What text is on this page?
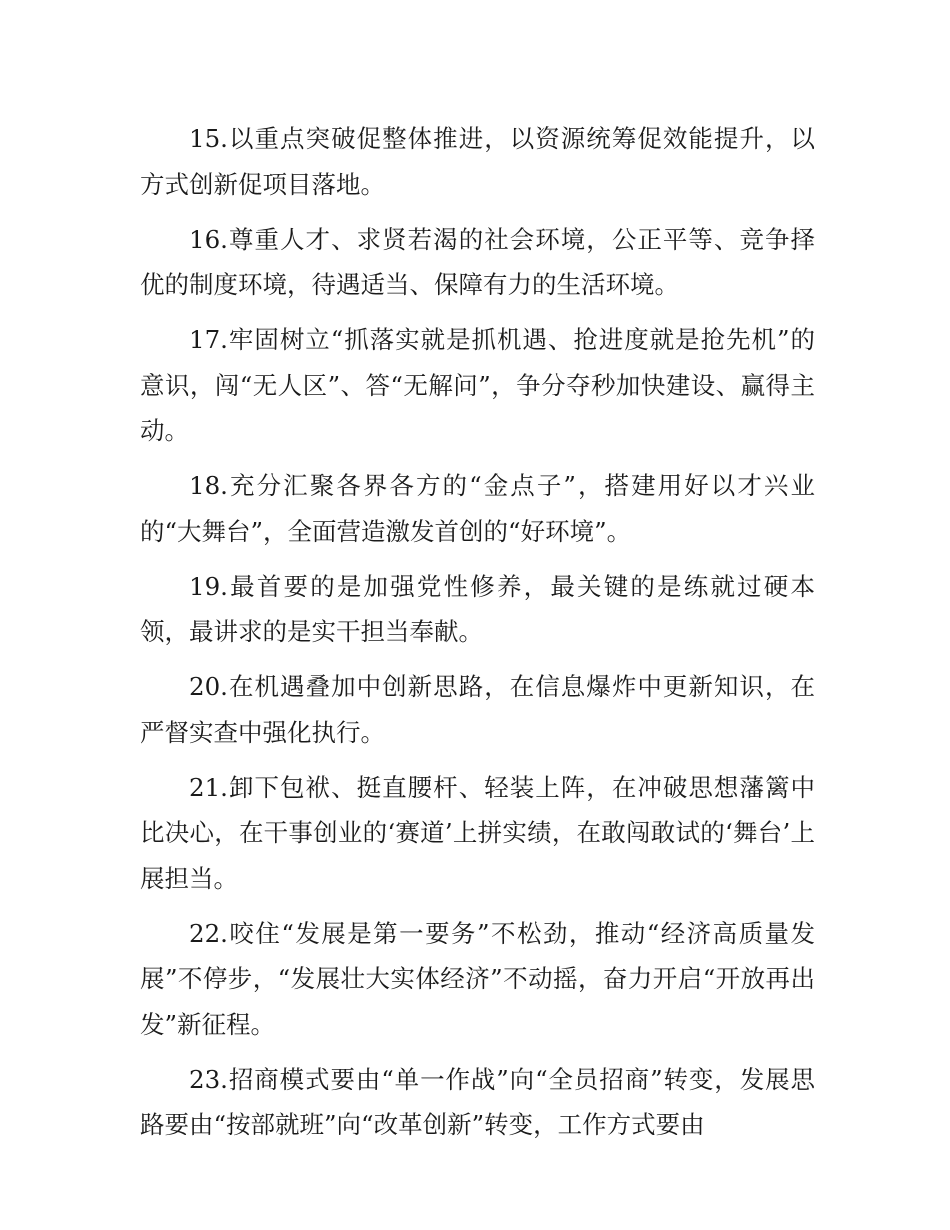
15.以重点突破促整体推进，以资源统筹促效能提升，以方式创新促项目落地。

16.尊重人才、求贤若渴的社会环境，公正平等、竞争择优的制度环境，待遇适当、保障有力的生活环境。

17.牢固树立“抓落实就是抓机遇、抢进度就是抢先机”的意识，闯“无人区”、答“无解问”，争分夺秒加快建设、赢得主动。

18.充分汇聚各界各方的“金点子”，搭建用好以才兴业的“大舞台”，全面营造激发首创的“好环境”。

19.最首要的是加强党性修养，最关键的是练就过硬本领，最讲求的是实干担当奉献。

20.在机遇叠加中创新思路，在信息爆炸中更新知识，在严督实查中强化执行。

21.卸下包袱、挺直腰杆、轻装上阵，在冲破思想藩篱中比决心，在干事创业的‘赛道’上拼实绩，在敢闯敢试的‘舞台’上展担当。

22.咬住“发展是第一要务”不松劲，推动“经济高质量发展”不停步，“发展壮大实体经济”不动摇，奋力开启“开放再出发”新征程。

23.招商模式要由“单一作战”向“全员招商”转变，发展思路要由“按部就班”向“改革创新”转变，工作方式要由
